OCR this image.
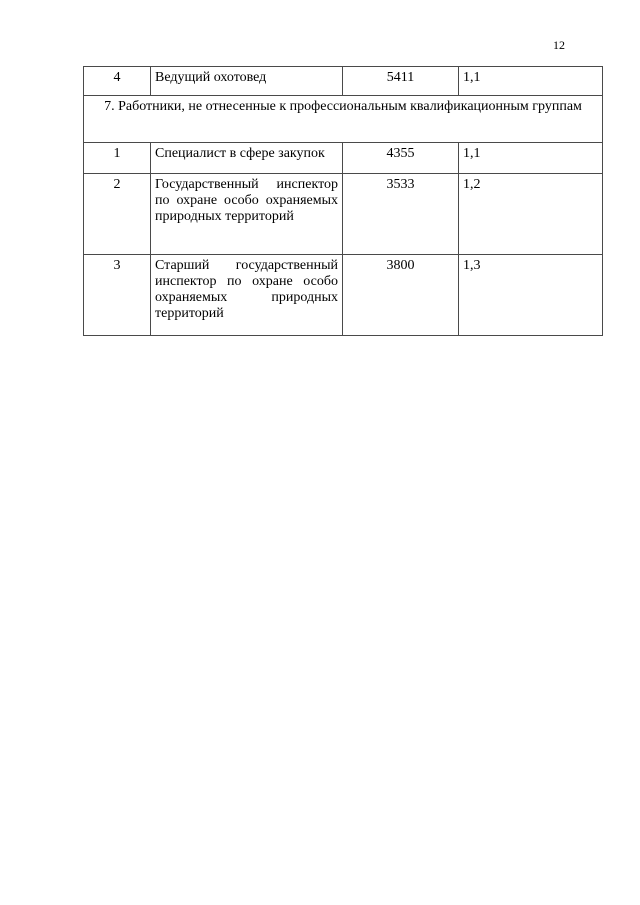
12
4	Ведущий охотовед	5411	1,1
7. Работники, не отнесенные к профессиональным квалификационным группам			
1	Специалист в сфере закупок	4355	1,1
2	Государственный инспектор по охране особо охраняемых природных территорий	3533	1,2
3	Старший государственный инспектор по охране особо охраняемых природных территорий	3800	1,3
